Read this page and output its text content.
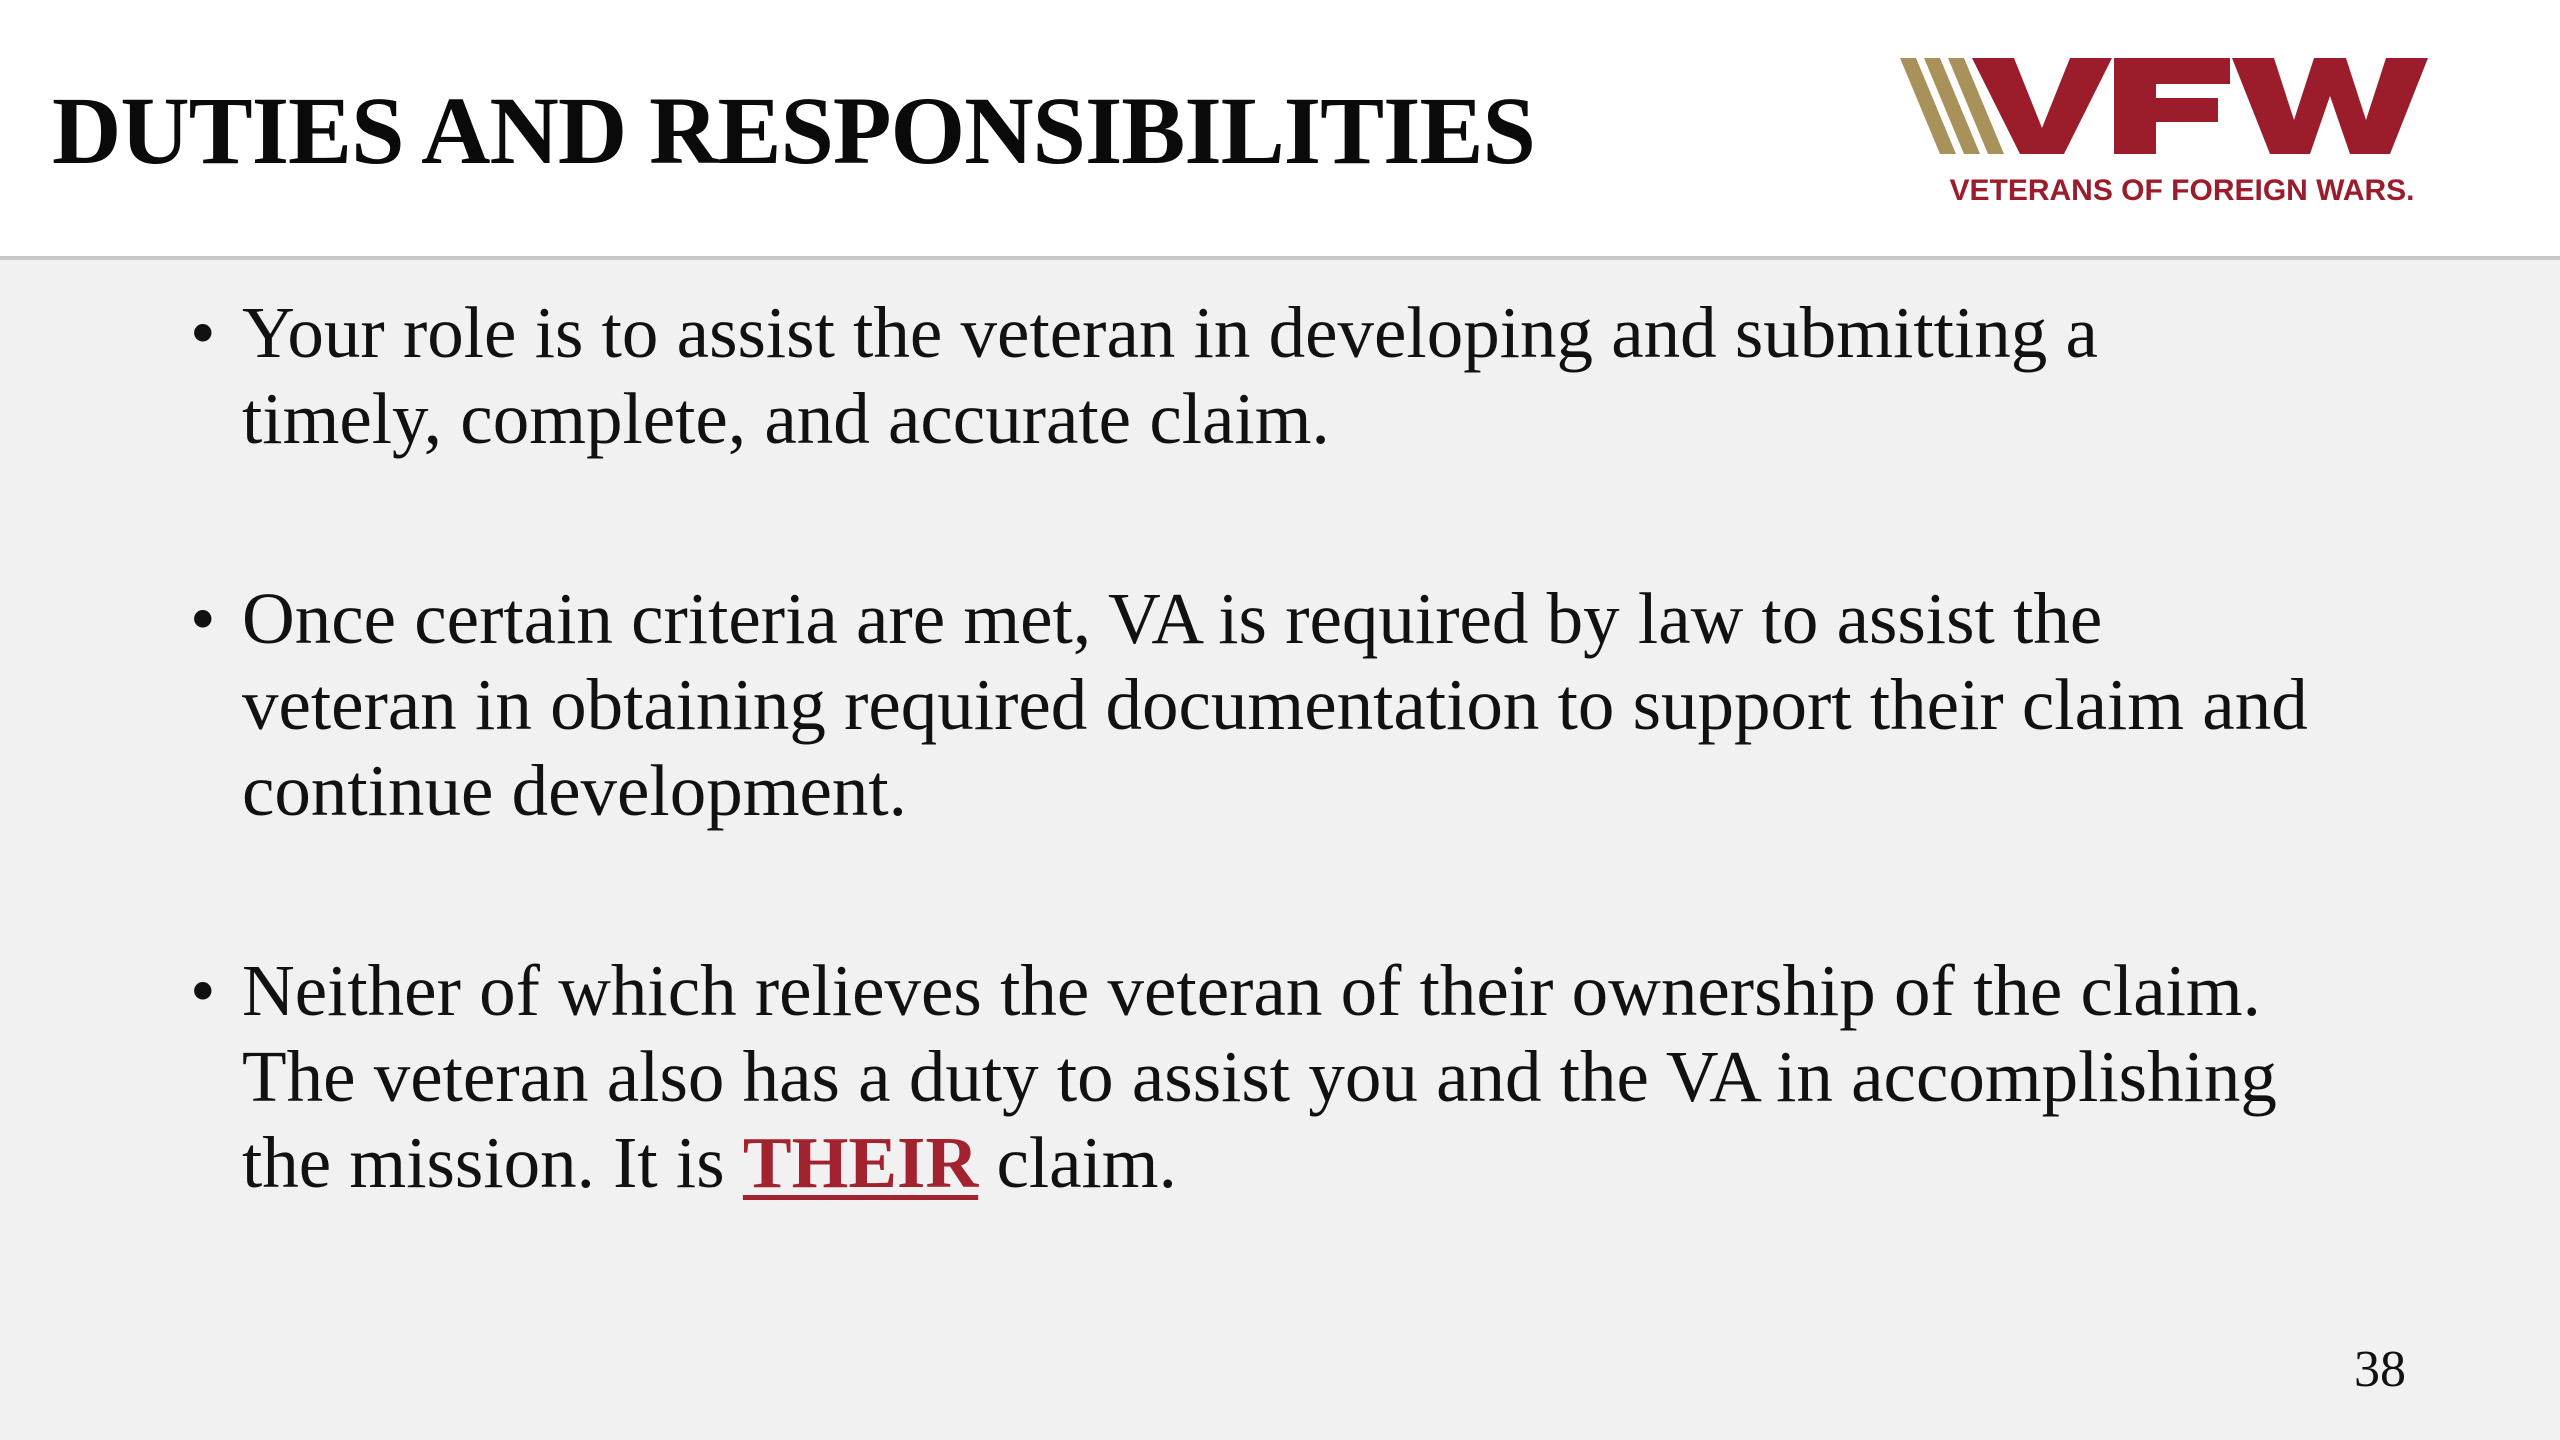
DUTIES AND RESPONSIBILITIES
VETERANS OF FOREIGN WARS.
VFW
• Your role is to assist the veteran in developing and submitting a timely, complete, and accurate claim.
• Once certain criteria are met, VA is required by law to assist the veteran in obtaining required documentation to support their claim and continue development.
• Neither of which relieves the veteran of their ownership of the claim. The veteran also has a duty to assist you and the VA in accomplishing the mission. It is THEIR claim.
38
